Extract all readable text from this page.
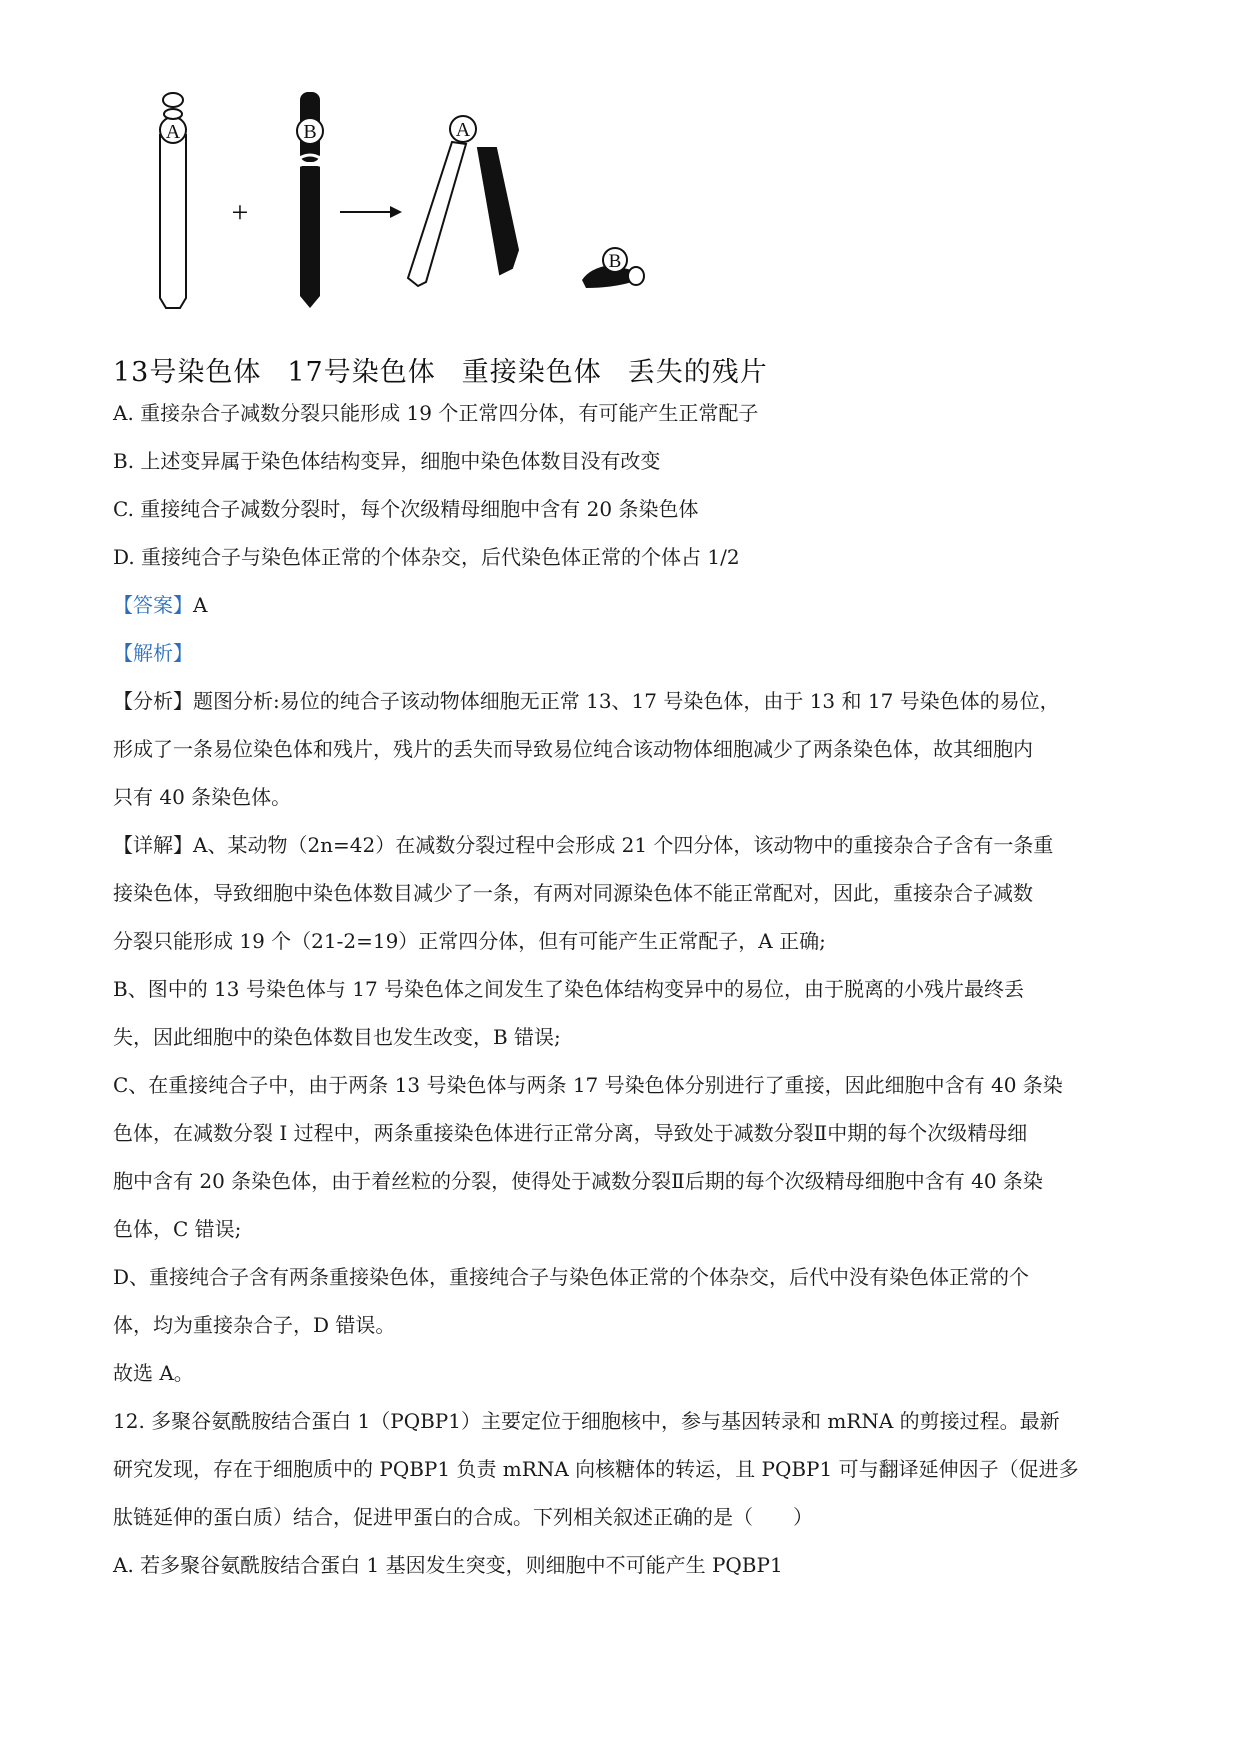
A
+
B	A
B
13号染色体 17号染色体 重接染色体 丢失的残片
A. 重接杂合子减数分裂只能形成 19 个正常四分体，有可能产生正常配子
B. 上述变异属于染色体结构变异，细胞中染色体数目没有改变
C. 重接纯合子减数分裂时，每个次级精母细胞中含有 20 条染色体
D. 重接纯合子与染色体正常的个体杂交，后代染色体正常的个体占 1/2
【答案】A
【解析】
【分析】题图分析:易位的纯合子该动物体细胞无正常 13、17 号染色体，由于 13 和 17 号染色体的易位，
形成了一条易位染色体和残片，残片的丢失而导致易位纯合该动物体细胞减少了两条染色体，故其细胞内
只有 40 条染色体。
【详解】A、某动物（2n=42）在减数分裂过程中会形成 21 个四分体，该动物中的重接杂合子含有一条重
接染色体，导致细胞中染色体数目减少了一条，有两对同源染色体不能正常配对，因此，重接杂合子减数
分裂只能形成 19 个（21-2=19）正常四分体，但有可能产生正常配子，A 正确;
B、图中的 13 号染色体与 17 号染色体之间发生了染色体结构变异中的易位，由于脱离的小残片最终丢
失，因此细胞中的染色体数目也发生改变，B 错误;
C、在重接纯合子中，由于两条 13 号染色体与两条 17 号染色体分别进行了重接，因此细胞中含有 40 条染
色体，在减数分裂 I 过程中，两条重接染色体进行正常分离，导致处于减数分裂Ⅱ中期的每个次级精母细
胞中含有 20 条染色体，由于着丝粒的分裂，使得处于减数分裂Ⅱ后期的每个次级精母细胞中含有 40 条染
色体，C 错误;
D、重接纯合子含有两条重接染色体，重接纯合子与染色体正常的个体杂交，后代中没有染色体正常的个
体，均为重接杂合子，D 错误。
故选 A。
12. 多聚谷氨酰胺结合蛋白 1（PQBP1）主要定位于细胞核中，参与基因转录和 mRNA 的剪接过程。最新
研究发现，存在于细胞质中的 PQBP1 负责 mRNA 向核糖体的转运，且 PQBP1 可与翻译延伸因子（促进多
肽链延伸的蛋白质）结合，促进甲蛋白的合成。下列相关叙述正确的是（　　）
A. 若多聚谷氨酰胺结合蛋白 1 基因发生突变，则细胞中不可能产生 PQBP1
